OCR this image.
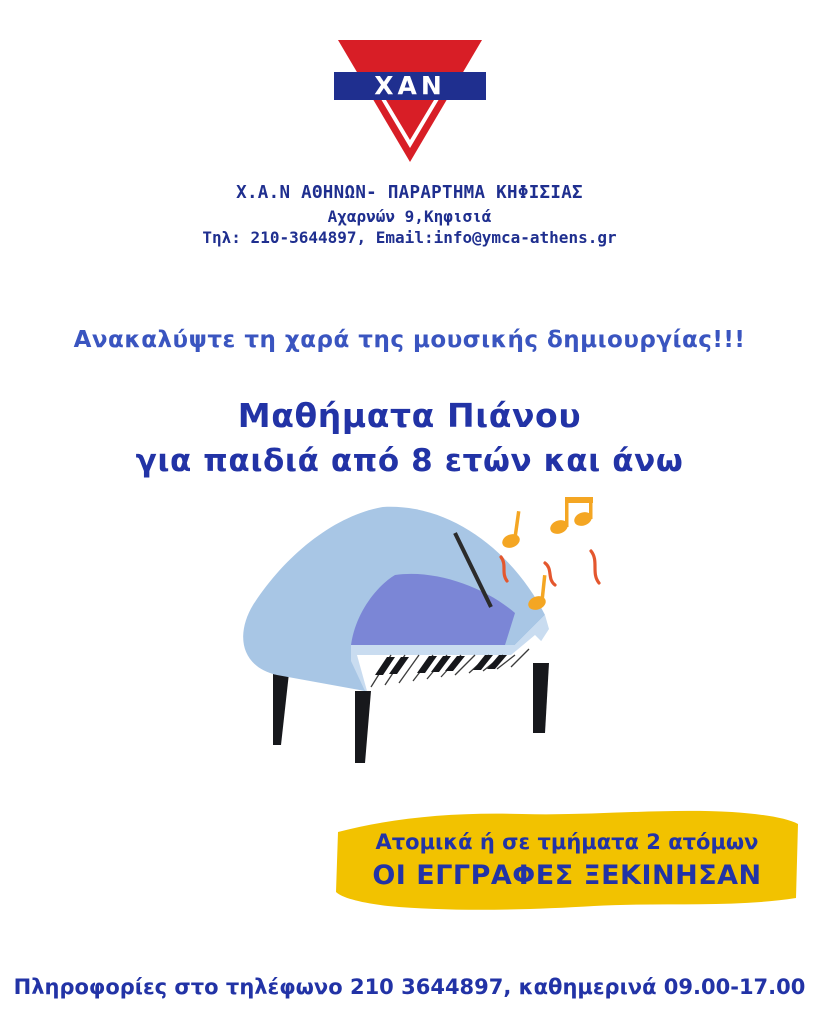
ΧΑΝ
Χ.Α.Ν ΑΘΗΝΩΝ- ΠΑΡΑΡΤΗΜΑ ΚΗΦΙΣΙΑΣ
Αχαρνών 9,Κηφισιά
Τηλ: 210-3644897, Email:info@ymca-athens.gr
Ανακαλύψτε τη χαρά της μουσικής δημιουργίας!!!
Μαθήματα Πιάνου
για παιδιά από 8 ετών και άνω
Ατομικά ή σε τμήματα 2 ατόμων
ΟΙ ΕΓΓΡΑΦΕΣ ΞΕΚΙΝΗΣΑΝ
Πληροφορίες στο τηλέφωνο 210 3644897, καθημερινά 09.00-17.00
